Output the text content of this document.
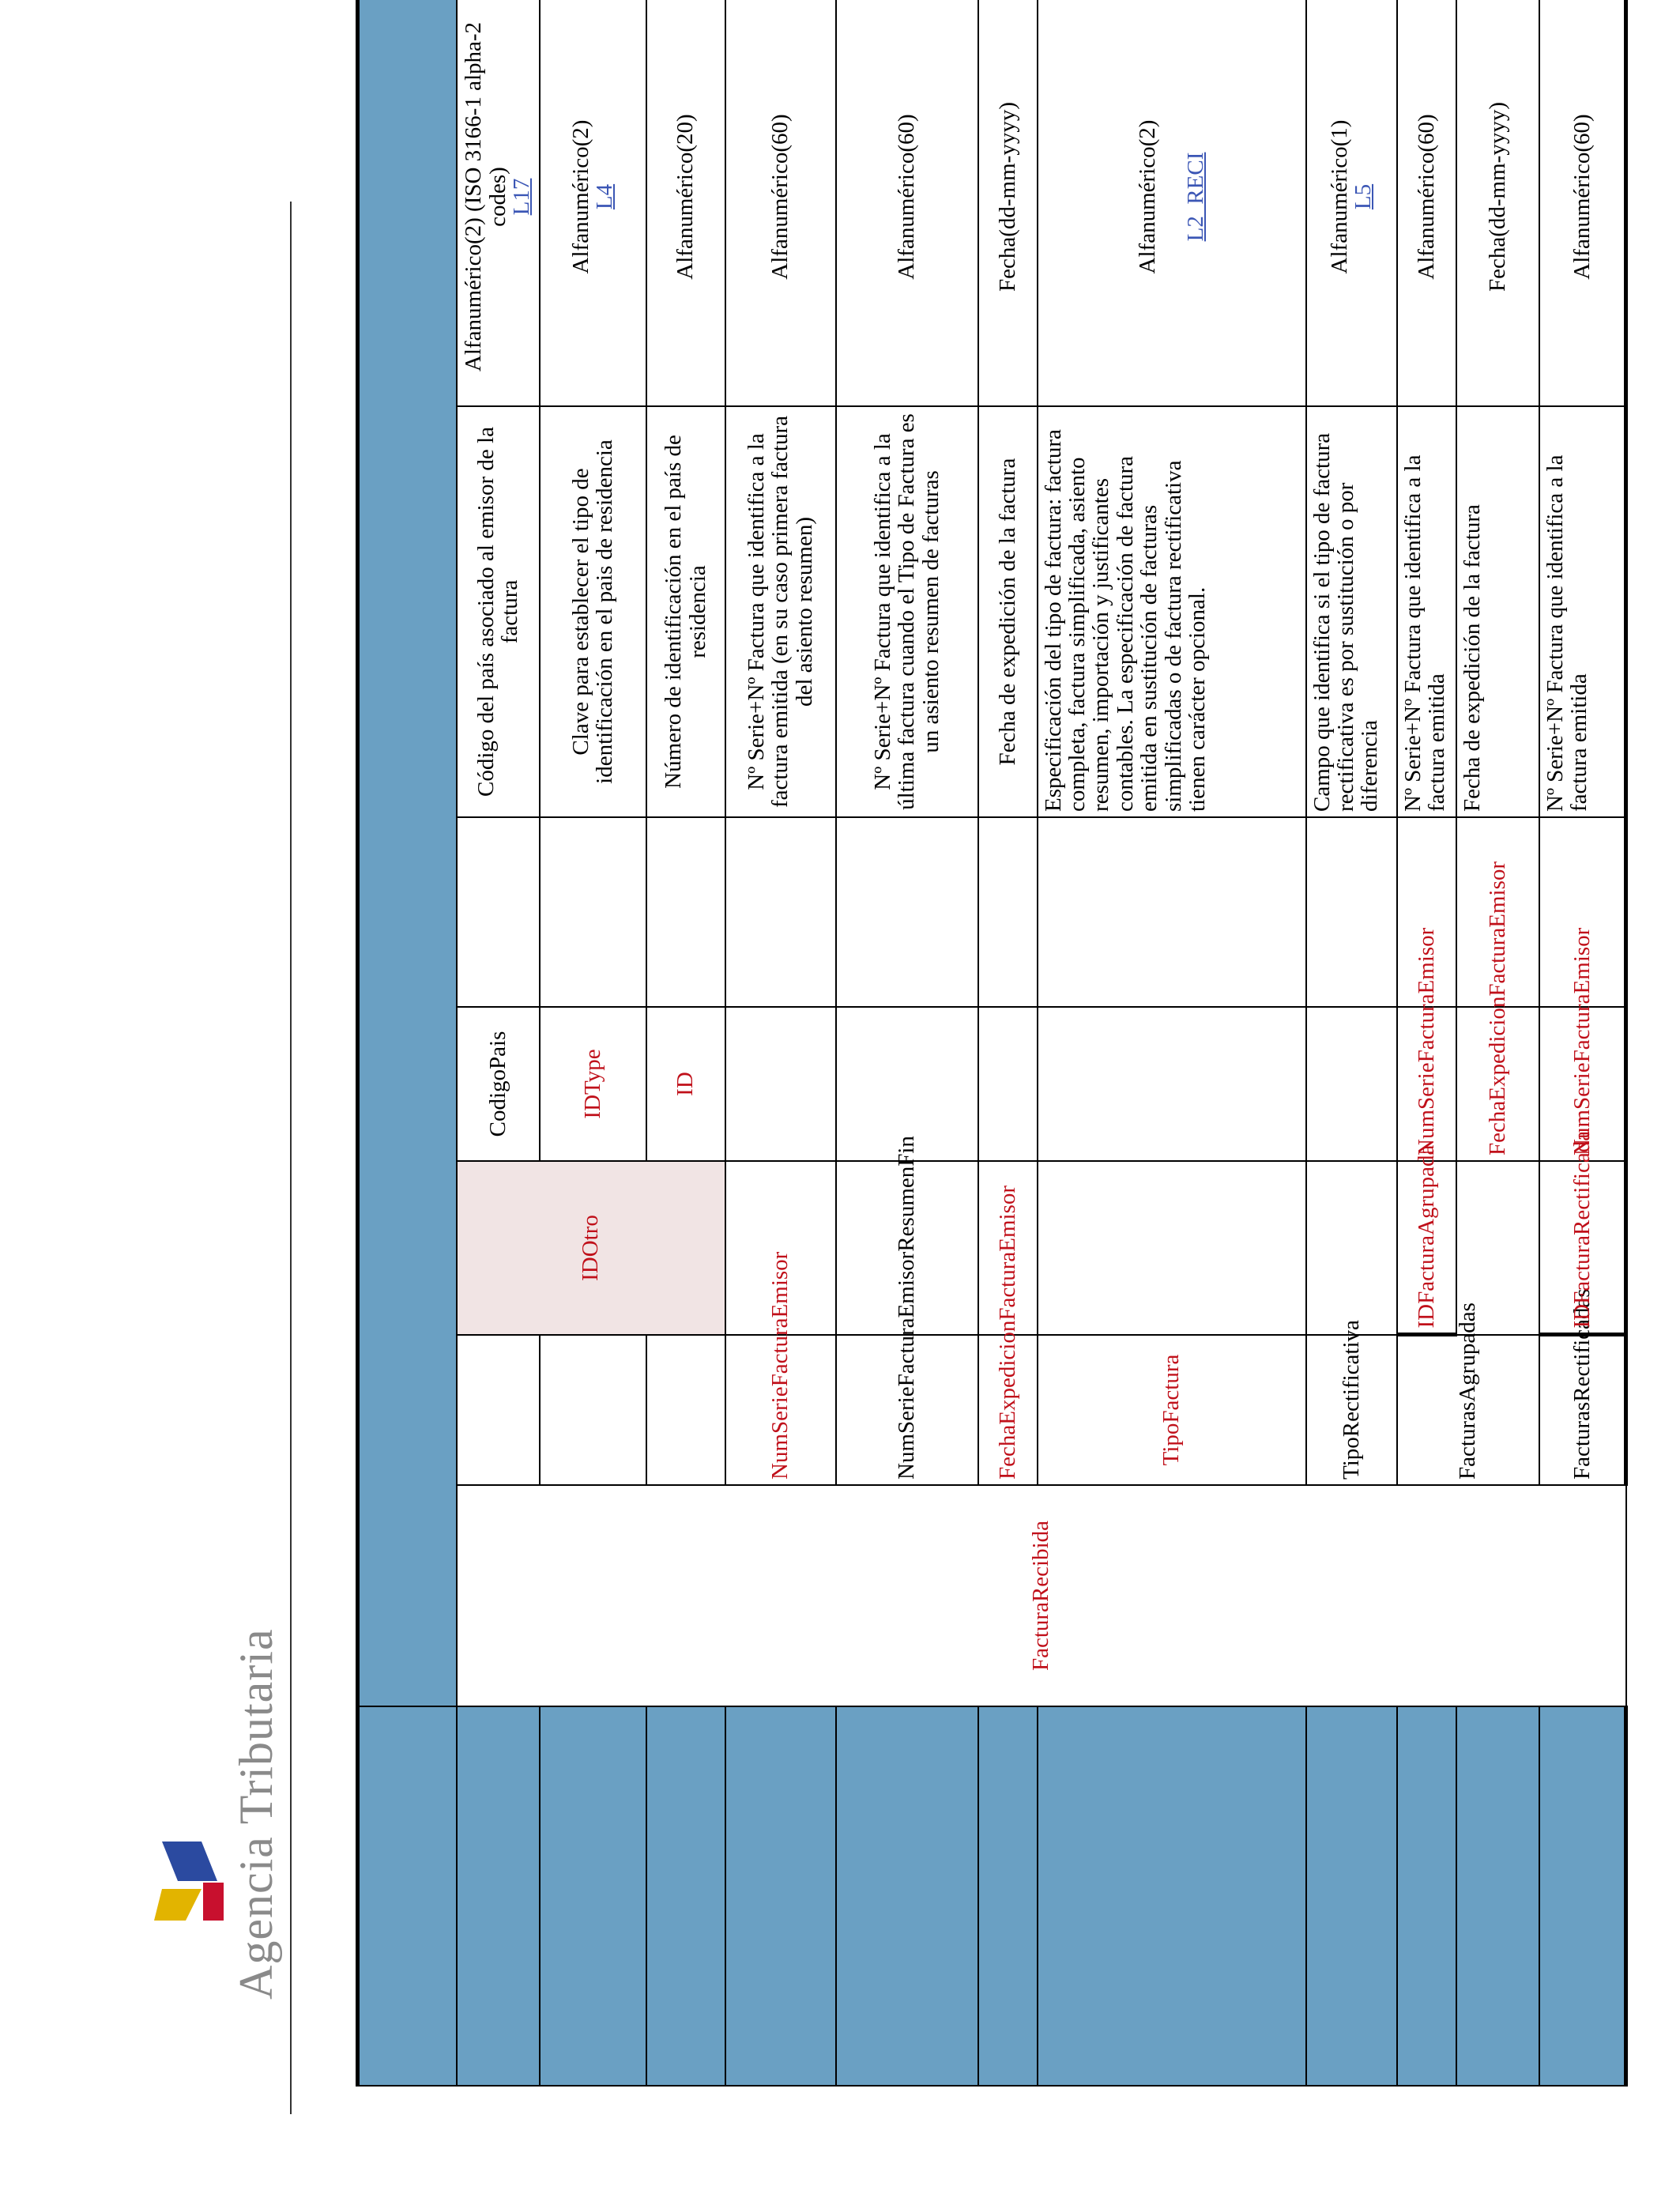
Agencia Tributaria

	FacturaRecibida		IDOtro	CodigoPais		Código del país asociado al emisor de la factura	Alfanumérico(2) (ISO 3166-1 alpha-2 codes)
L17

				IDType		Clave para establecer el tipo de identificación en el pais de residencia	Alfanumérico(2)
L4

				ID		Número de identificación en el país de residencia	Alfanumérico(20)

		NumSerieFacturaEmisor				Nº Serie+Nº Factura que identifica a la factura emitida (en su caso primera factura del asiento resumen)	Alfanumérico(60)

		NumSerieFacturaEmisorResumenFin				Nº Serie+Nº Factura que identifica a la última factura cuando el Tipo de Factura es un asiento resumen de facturas	Alfanumérico(60)

		FechaExpedicionFacturaEmisor				Fecha de expedición de la factura	Fecha(dd-mm-yyyy)

		TipoFactura				Especificación del tipo de factura: factura completa, factura simplificada, asiento resumen, importación y justificantes contables. La especificación de factura emitida en sustitución de facturas simplificadas o de factura rectificativa tienen carácter opcional.	Alfanumérico(2) L2_RECI

		TipoRectificativa				Campo que identifica si el tipo de factura rectificativa es por sustitución o por diferencia	Alfanumérico(1)
L5

		FacturasAgrupadas	IDFacturaAgrupada	NumSerieFacturaEmisor		Nº Serie+Nº Factura que identifica a la factura emitida	Alfanumérico(60)

				FechaExpedicionFacturaEmisor		Fecha de expedición de la factura	Fecha(dd-mm-yyyy)

		FacturasRectificadas	IDFacturaRectificada	NumSerieFacturaEmisor		Nº Serie+Nº Factura que identifica a la factura emitida	Alfanumérico(60)
